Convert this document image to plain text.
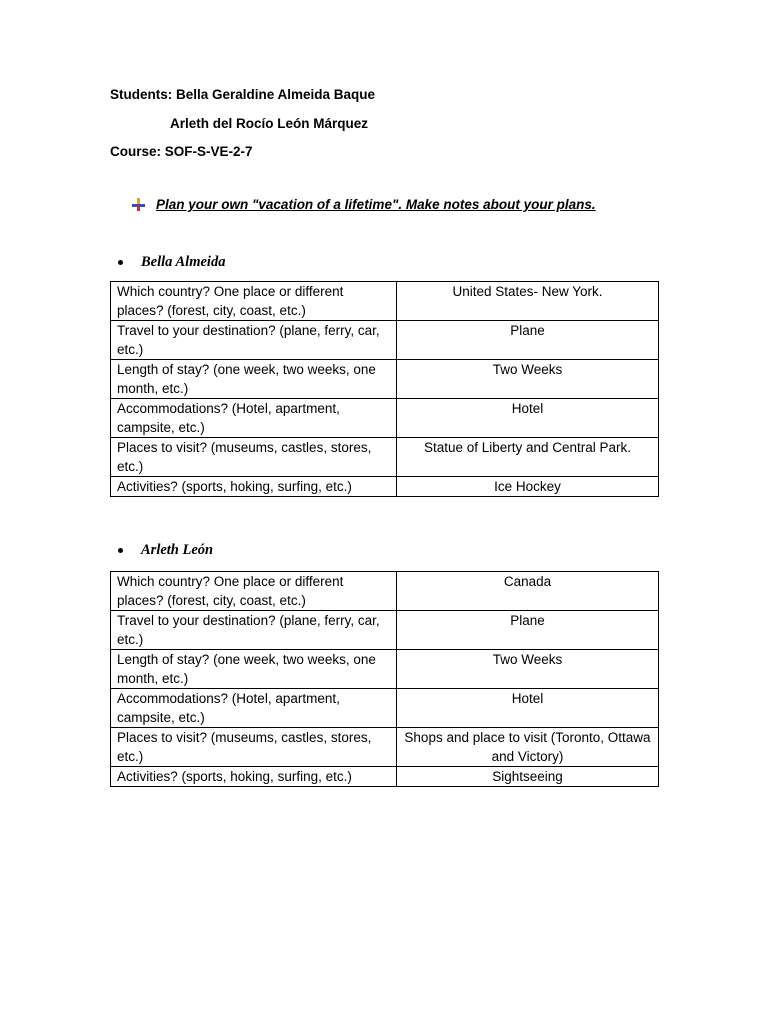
Students: Bella Geraldine Almeida Baque
Arleth del Rocío León Márquez
Course: SOF-S-VE-2-7
Plan your own "vacation of a lifetime". Make notes about your plans.
Bella Almeida
Which country? One place or different places? (forest, city, coast, etc.)	United States- New York.
Travel to your destination? (plane, ferry, car, etc.)	Plane
Length of stay? (one week, two weeks, one month, etc.)	Two Weeks
Accommodations? (Hotel, apartment, campsite, etc.)	Hotel
Places to visit? (museums, castles, stores, etc.)	Statue of Liberty and Central Park.
Activities? (sports, hoking, surfing, etc.)	Ice Hockey
Arleth León
Which country? One place or different places? (forest, city, coast, etc.)	Canada
Travel to your destination? (plane, ferry, car, etc.)	Plane
Length of stay? (one week, two weeks, one month, etc.)	Two Weeks
Accommodations? (Hotel, apartment, campsite, etc.)	Hotel
Places to visit? (museums, castles, stores, etc.)	Shops and place to visit (Toronto, Ottawa and Victory)
Activities? (sports, hoking, surfing, etc.)	Sightseeing
